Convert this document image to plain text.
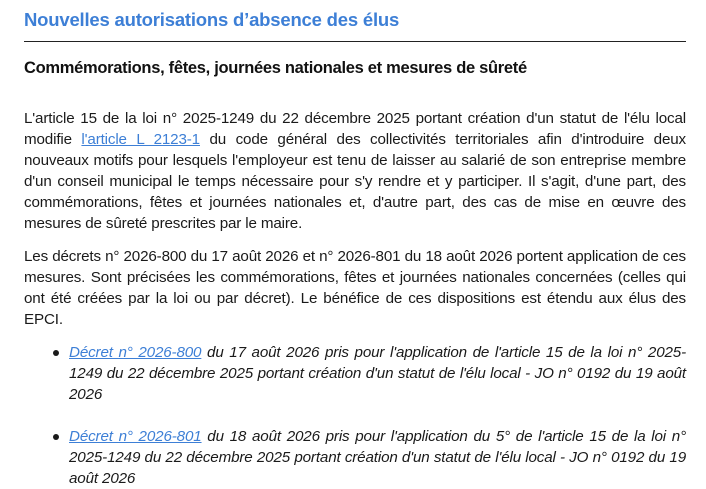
Nouvelles autorisations d’absence des élus
Commémorations, fêtes, journées nationales et mesures de sûreté

L'article 15 de la loi n° 2025-1249 du 22 décembre 2025 portant création d'un statut de l'élu local modifie l'article L 2123-1 du code général des collectivités territoriales afin d'introduire deux nouveaux motifs pour lesquels l'employeur est tenu de laisser au salarié de son entreprise membre d'un conseil municipal le temps nécessaire pour s'y rendre et y participer. Il s'agit, d'une part, des commémorations, fêtes et journées nationales et, d'autre part, des cas de mise en œuvre des mesures de sûreté prescrites par le maire.

Les décrets n° 2026-800 du 17 août 2026 et n° 2026-801 du 18 août 2026 portent application de ces mesures. Sont précisées les commémorations, fêtes et journées nationales concernées (celles qui ont été créées par la loi ou par décret). Le bénéfice de ces dispositions est étendu aux élus des EPCI.

Décret n° 2026-800 du 17 août 2026 pris pour l'application de l'article 15 de la loi n° 2025-1249 du 22 décembre 2025 portant création d'un statut de l'élu local - JO n° 0192 du 19 août 2026
Décret n° 2026-801 du 18 août 2026 pris pour l'application du 5° de l'article 15 de la loi n° 2025-1249 du 22 décembre 2025 portant création d'un statut de l'élu local - JO n° 0192 du 19 août 2026
